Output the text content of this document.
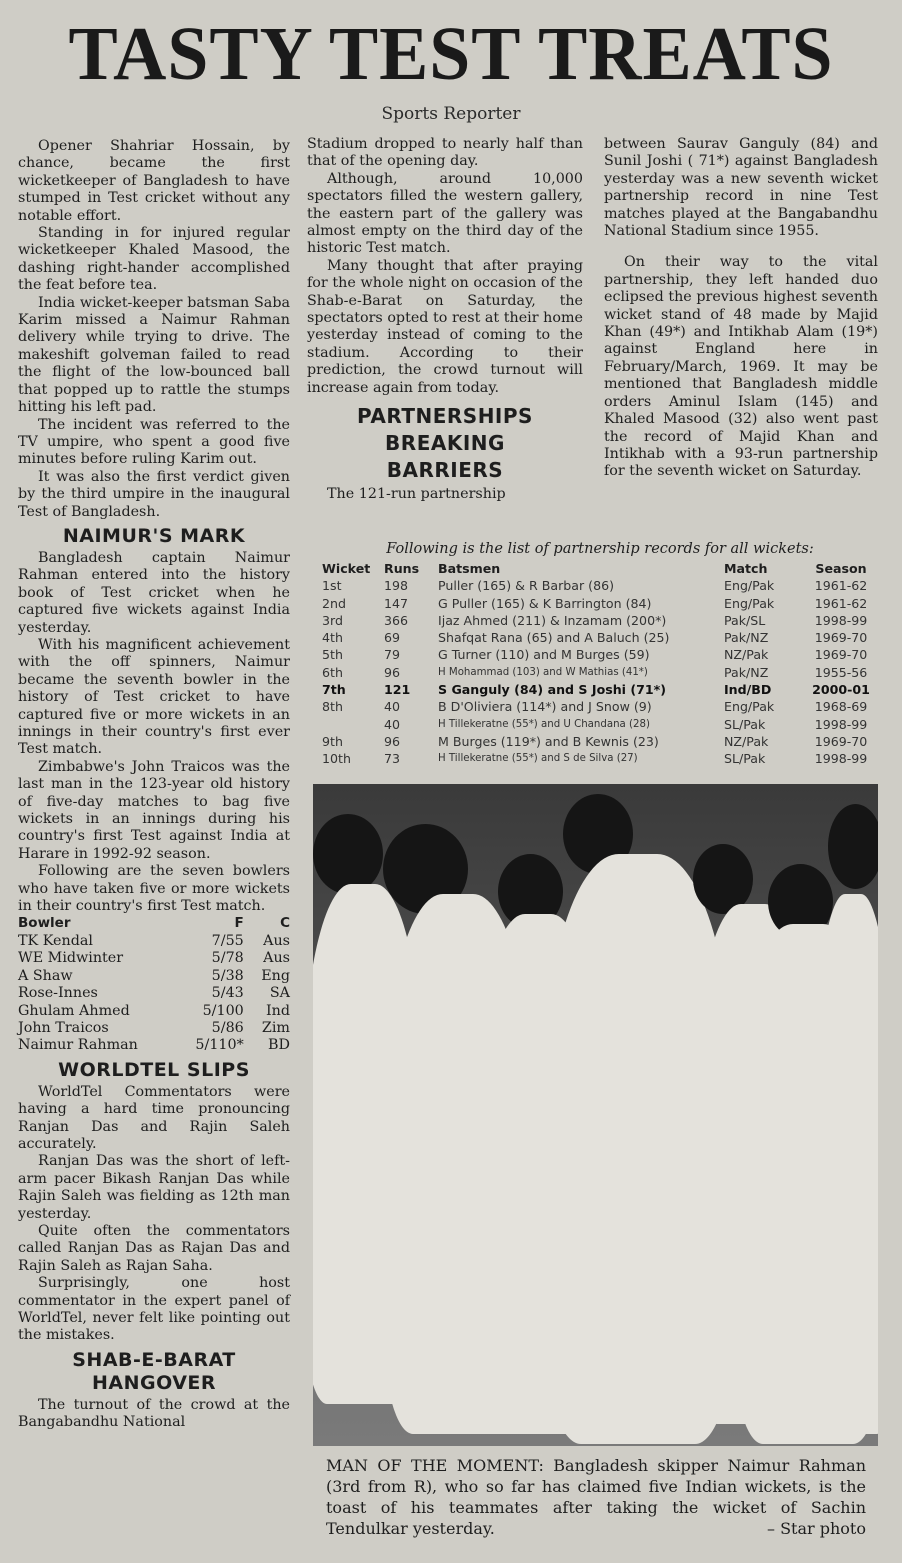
TASTY TEST TREATS
Sports Reporter

Opener Shahriar Hossain, by chance, became the first wicketkeeper of Bangladesh to have stumped in Test cricket without any notable effort.

Standing in for injured regular wicketkeeper Khaled Masood, the dashing right-hander accomplished the feat before tea.

India wicket-keeper batsman Saba Karim missed a Naimur Rahman delivery while trying to drive. The makeshift golveman failed to read the flight of the low-bounced ball that popped up to rattle the stumps hitting his left pad.

The incident was referred to the TV umpire, who spent a good five minutes before ruling Karim out.

It was also the first verdict given by the third umpire in the inaugural Test of Bangladesh.

NAIMUR'S MARK

Bangladesh captain Naimur Rahman entered into the history book of Test cricket when he captured five wickets against India yesterday.

With his magnificent achievement with the off spinners, Naimur became the seventh bowler in the history of Test cricket to have captured five or more wickets in an innings in their country's first ever Test match.

Zimbabwe's John Traicos was the last man in the 123-year old history of five-day matches to bag five wickets in an innings during his country's first Test against India at Harare in 1992-92 season.

Following are the seven bowlers who have taken five or more wickets in their country's first Test match.

Bowler	F	C
TK Kendal	7/55	Aus
WE Midwinter	5/78	Aus
A Shaw	5/38	Eng
Rose-Innes	5/43	SA
Ghulam Ahmed	5/100	Ind
John Traicos	5/86	Zim
Naimur Rahman	5/110*	BD
WORLDTEL SLIPS

WorldTel Commentators were having a hard time pronouncing Ranjan Das and Rajin Saleh accurately.

Ranjan Das was the short of left-arm pacer Bikash Ranjan Das while Rajin Saleh was fielding as 12th man yesterday.

Quite often the commentators called Ranjan Das as Rajan Das and Rajin Saleh as Rajan Saha.

Surprisingly, one host commentator in the expert panel of WorldTel, never felt like pointing out the mistakes.

SHAB-E-BARAT
HANGOVER

The turnout of the crowd at the Bangabandhu National

Stadium dropped to nearly half than that of the opening day.

Although, around 10,000 spectators filled the western gallery, the eastern part of the gallery was almost empty on the third day of the historic Test match.

Many thought that after praying for the whole night on occasion of the Shab-e-Barat on Saturday, the spectators opted to rest at their home yesterday instead of coming to the stadium. According to their prediction, the crowd turnout will increase again from today.

PARTNERSHIPS
BREAKING
BARRIERS

The 121-run partnership

between Saurav Ganguly (84) and Sunil Joshi ( 71*) against Bangladesh yesterday was a new seventh wicket partnership record in nine Test matches played at the Bangabandhu National Stadium since 1955.

On their way to the vital partnership, they left handed duo eclipsed the previous highest seventh wicket stand of 48 made by Majid Khan (49*) and Intikhab Alam (19*) against England here in February/March, 1969. It may be mentioned that Bangladesh middle orders Aminul Islam (145) and Khaled Masood (32) also went past the record of Majid Khan and Intikhab with a 93-run partnership for the seventh wicket on Saturday.

Following is the list of partnership records for all wickets:
Wicket	Runs	Batsmen	Match	Season
1st	198	Puller (165) & R Barbar (86)	Eng/Pak	1961-62
2nd	147	G Puller (165) & K Barrington (84)	Eng/Pak	1961-62
3rd	366	Ijaz Ahmed (211) & Inzamam (200*)	Pak/SL	1998-99
4th	69	Shafqat Rana (65) and A Baluch (25)	Pak/NZ	1969-70
5th	79	G Turner (110) and M Burges (59)	NZ/Pak	1969-70
6th	96	H Mohammad (103) and W Mathias (41*)	Pak/NZ	1955-56
7th	121	S Ganguly (84) and S Joshi (71*)	Ind/BD	2000-01
8th	40	B D'Oliviera (114*) and J Snow (9)	Eng/Pak	1968-69
	40	H Tillekeratne (55*) and U Chandana (28)	SL/Pak	1998-99
9th	96	M Burges (119*) and B Kewnis (23)	NZ/Pak	1969-70
10th	73	H Tillekeratne (55*) and S de Silva (27)	SL/Pak	1998-99
MAN OF THE MOMENT: Bangladesh skipper Naimur Rahman (3rd from R), who so far has claimed five Indian wickets, is the toast of his teammates after taking the wicket of Sachin Tendulkar yesterday.	– Star photo
